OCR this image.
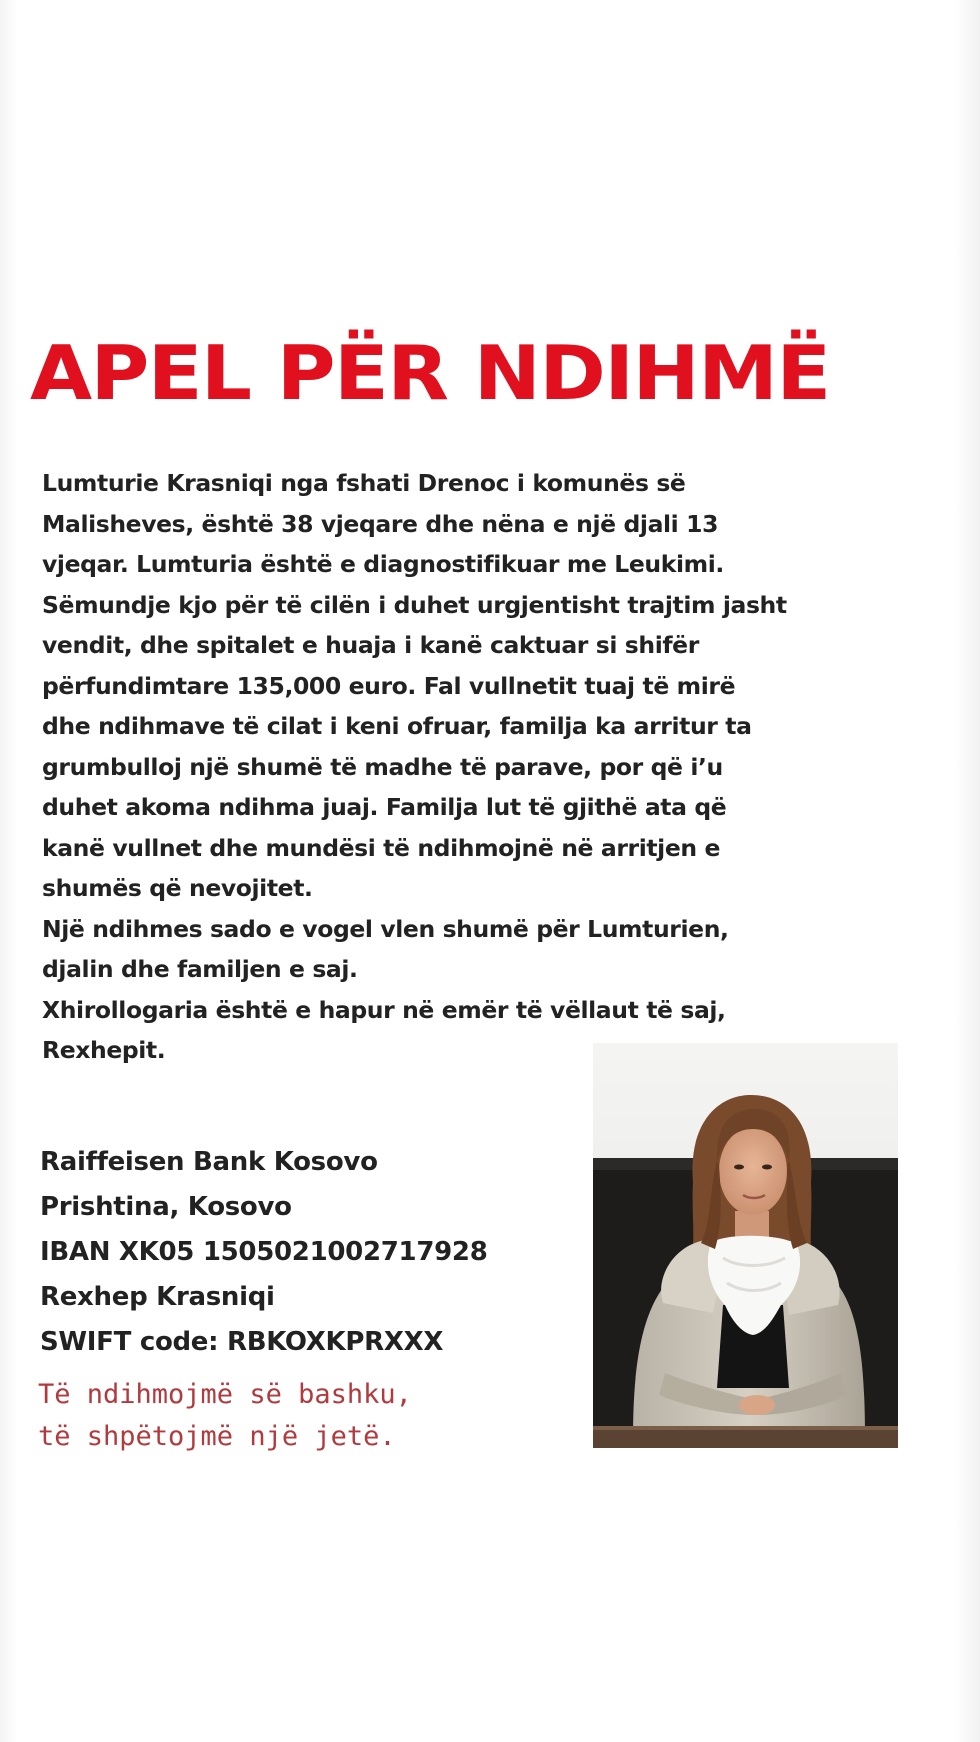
APEL PËR NDIHMË
Lumturie Krasniqi nga fshati Drenoc i komunës së
Malisheves, është 38 vjeqare dhe nëna e një djali 13
vjeqar. Lumturia është e diagnostifikuar me Leukimi.
Sëmundje kjo për të cilën i duhet urgjentisht trajtim jasht
vendit, dhe spitalet e huaja i kanë caktuar si shifër
përfundimtare 135,000 euro. Fal vullnetit tuaj të mirë
dhe ndihmave të cilat i keni ofruar, familja ka arritur ta
grumbulloj një shumë të madhe të parave, por që i’u
duhet akoma ndihma juaj. Familja lut të gjithë ata që
kanë vullnet dhe mundësi të ndihmojnë në arritjen e
shumës që nevojitet.
Një ndihmes sado e vogel vlen shumë për Lumturien,
djalin dhe familjen e saj.
Xhirollogaria është e hapur në emër të vëllaut të saj,
Rexhepit.
Raiffeisen Bank Kosovo
Prishtina, Kosovo
IBAN XK05 1505021002717928
Rexhep Krasniqi
SWIFT code: RBKOXKPRXXX
Të ndihmojmë së bashku,
të shpëtojmë një jetë.
